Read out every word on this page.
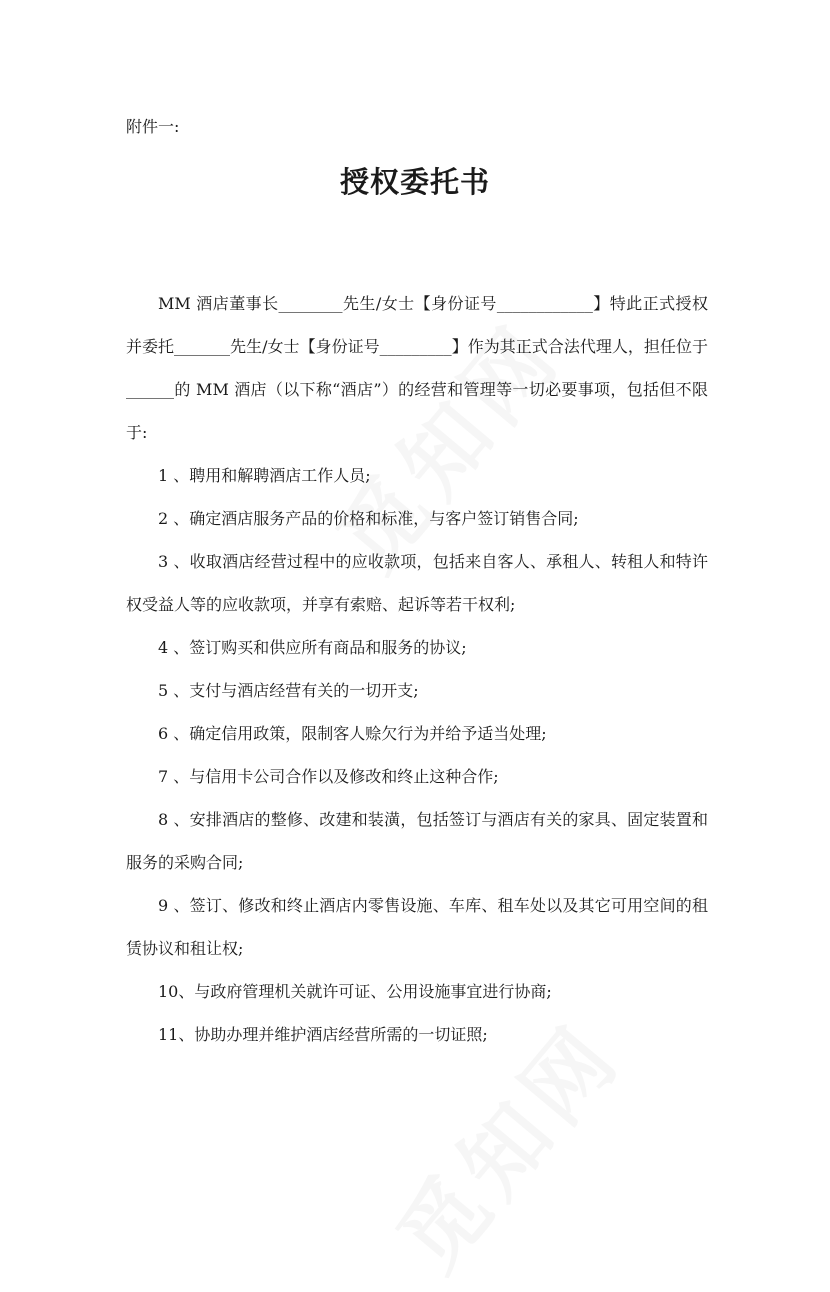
附件一:
授权委托书

MM 酒店董事长________先生/女士【身份证号____________】特此正式授权并委托_______先生/女士【身份证号_________】作为其正式合法代理人，担任位于______的 MM 酒店（以下称“酒店”）的经营和管理等一切必要事项，包括但不限于:

1 、聘用和解聘酒店工作人员;

2 、确定酒店服务产品的价格和标准，与客户签订销售合同;

3 、收取酒店经营过程中的应收款项，包括来自客人、承租人、转租人和特许权受益人等的应收款项，并享有索赔、起诉等若干权利;

4 、签订购买和供应所有商品和服务的协议;

5 、支付与酒店经营有关的一切开支;

6 、确定信用政策，限制客人赊欠行为并给予适当处理;

7 、与信用卡公司合作以及修改和终止这种合作;

8 、安排酒店的整修、改建和装潢，包括签订与酒店有关的家具、固定装置和服务的采购合同;

9 、签订、修改和终止酒店内零售设施、车库、租车处以及其它可用空间的租赁协议和租让权;

10、与政府管理机关就许可证、公用设施事宜进行协商;

11、协助办理并维护酒店经营所需的一切证照;
